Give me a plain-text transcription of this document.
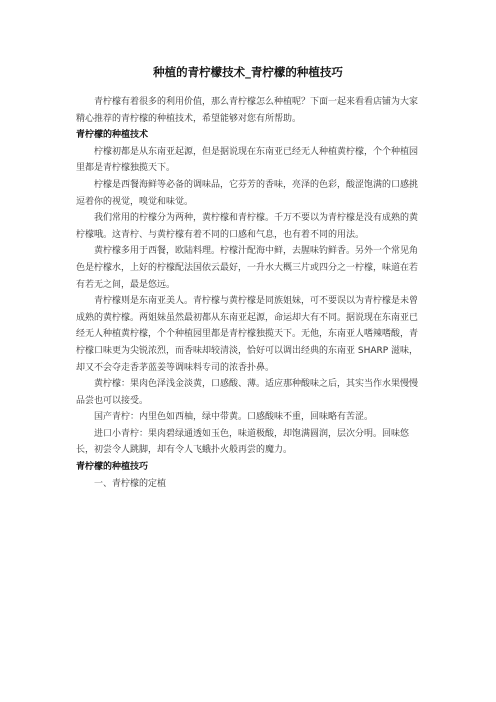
种植的青柠檬技术_青柠檬的种植技巧

青柠檬有着很多的利用价值，那么青柠檬怎么种植呢？下面一起来看看店铺为大家精心推荐的青柠檬的种植技术，希望能够对您有所帮助。

青柠檬的种植技术

柠檬初都是从东南亚起源，但是据说现在东南亚已经无人种植黄柠檬，个个种植园里都是青柠檬独揽天下。

柠檬是西餐海鲜等必备的调味品，它芬芳的香味，亮泽的色彩，酸涩饱满的口感挑逗着你的视觉，嗅觉和味觉。

我们常用的柠檬分为两种，黄柠檬和青柠檬。千万不要以为青柠檬是没有成熟的黄柠檬哦。这青柠、与黄柠檬有着不同的口感和气息，也有着不同的用法。

黄柠檬多用于西餐，欧陆料理。柠檬汁配海中鲜，去腥味钓鲜香。另外一个常见角色是柠檬水，上好的柠檬配法国依云最好，一升水大概三片或四分之一柠檬，味道在若有若无之间，最是悠远。

青柠檬则是东南亚美人。青柠檬与黄柠檬是同族姐妹，可不要误以为青柠檬是未曾成熟的黄柠檬。两姐妹虽然最初都从东南亚起源，命运却大有不同。据说现在东南亚已经无人种植黄柠檬，个个种植园里都是青柠檬独揽天下。无他，东南亚人嗜辣嗜酸，青柠檬口味更为尖锐浓烈，而香味却较清淡，恰好可以调出经典的东南亚 SHARP 滋味，却又不会夺走香茅蓝姜等调味料专司的浓香扑鼻。

黄柠檬：果肉色泽浅金淡黄，口感酸、薄。适应那种酸味之后，其实当作水果慢慢品尝也可以接受。

国产青柠：内里色如西柚，绿中带黄。口感酸味不重，回味略有苦涩。

进口小青柠：果肉碧绿通透如玉色，味道极酸，却饱满圆润，层次分明。回味悠长，初尝令人跳脚，却有令人飞蛾扑火般再尝的魔力。

青柠檬的种植技巧

一、青柠檬的定植
